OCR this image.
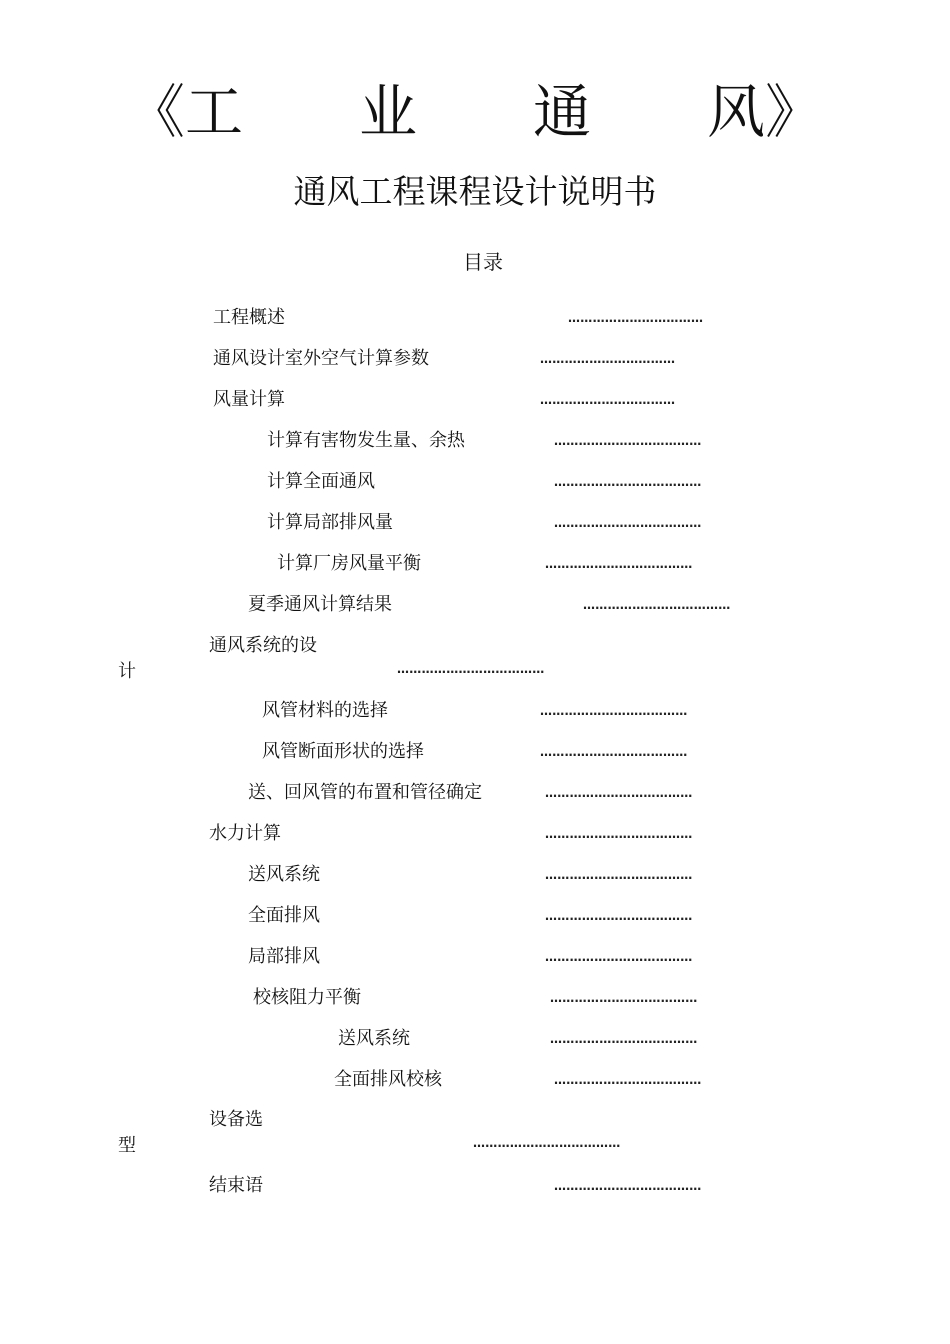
《工　　业　　通　　风》
通风工程课程设计说明书
目录
工程概述	……………………………
通风设计室外空气计算参数	……………………………
风量计算	……………………………
计算有害物发生量、余热	………………………………
计算全面通风	………………………………
计算局部排风量	………………………………
计算厂房风量平衡	………………………………
夏季通风计算结果	………………………………
通风系统的设
计	………………………………
风管材料的选择	………………………………
风管断面形状的选择	………………………………
送、回风管的布置和管径确定	………………………………
水力计算	………………………………
送风系统	………………………………
全面排风	………………………………
局部排风	………………………………
校核阻力平衡	………………………………
送风系统	………………………………
全面排风校核	………………………………
设备选
型	………………………………
结束语	………………………………
